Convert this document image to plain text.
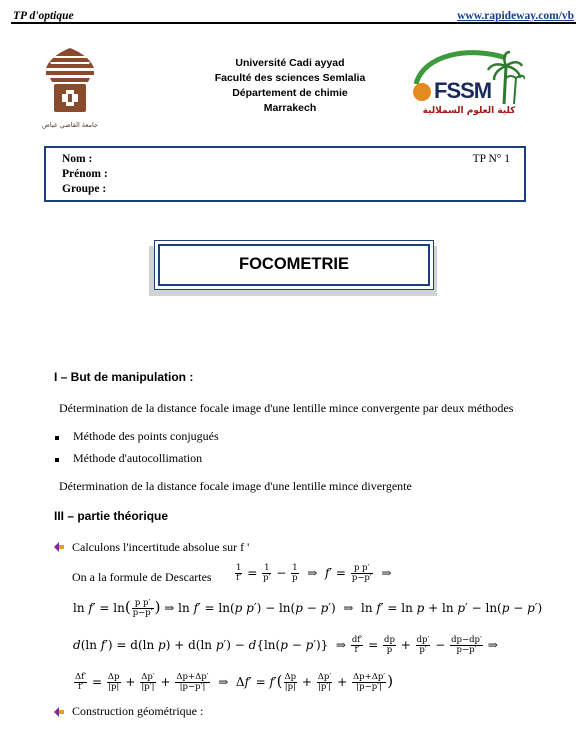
TP d'optique	www.rapideway.com/vb
جامعة القاضي عياض
Université Cadi ayyad
Faculté des sciences Semlalia
Département de chimie
Marrakech
FSSM
كلية العلوم السملالية
Nom :
Prénom :
Groupe :
TP N° 1
FOCOMETRIE
I – But de manipulation :
Détermination de la distance focale image d'une lentille mince convergente par deux méthodes
Méthode des points conjugués
Méthode d'autocollimation
Détermination de la distance focale image d'une lentille mince divergente
III – partie théorique
Calculons l'incertitude absolue sur f '
On a la formule de Descartes	$\frac{1}{f'} = \frac{1}{p'} - \frac{1}{p}$ ⇒  $f' = \frac{\text{p p′}}{p-p'}$ ⇒
$\ln f' = \ln( \frac{\text{p p′}}{p-p'}$ ) ⇒ ln f′ = ln(p p′) − ln(p − p′)  ⇒  ln f′ = ln p + ln p′ − ln(p − p′)
d(ln f′) = d(ln p) + d(ln p′) − d{ln(p − p′)}  ⇒ $\frac{df'}{f'} = \frac{dp}{p} + \frac{dp'}{p'} - \frac{dp-dp'}{p-p'}$ ⇒
$\frac{\Delta f'}{f'} = \frac{\Delta p}{|p|} + \frac{\Delta p'}{|p'|} + \frac{\Delta p+\Delta p'}{|p-p'|}$ ⇒  $\Delta f' = f'( \frac{\Delta p}{|p|} + \frac{\Delta p'}{|p'|} + \frac{\Delta p+\Delta p'}{|p-p'|}$ )
Construction géométrique :
